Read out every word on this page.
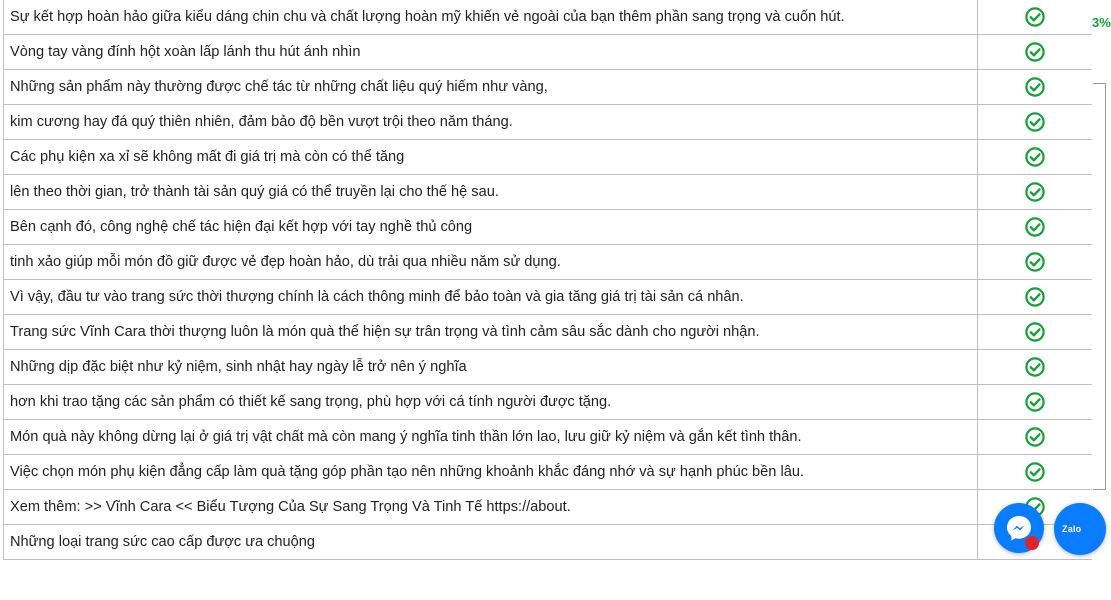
Sự kết hợp hoàn hảo giữa kiểu dáng chin chu và chất lượng hoàn mỹ khiến vẻ ngoài của bạn thêm phần sang trọng và cuốn hút.
Vòng tay vàng đính hột xoàn lấp lánh thu hút ánh nhìn
Những sản phẩm này thường được chế tác từ những chất liệu quý hiếm như vàng,
kim cương hay đá quý thiên nhiên, đảm bảo độ bền vượt trội theo năm tháng.
Các phụ kiện xa xỉ sẽ không mất đi giá trị mà còn có thể tăng
lên theo thời gian, trở thành tài sản quý giá có thể truyền lại cho thế hệ sau.
Bên cạnh đó, công nghệ chế tác hiện đại kết hợp với tay nghề thủ công
tinh xảo giúp mỗi món đồ giữ được vẻ đẹp hoàn hảo, dù trải qua nhiều năm sử dụng.
Vì vậy, đầu tư vào trang sức thời thượng chính là cách thông minh để bảo toàn và gia tăng giá trị tài sản cá nhân.
Trang sức Vĩnh Cara thời thượng luôn là món quà thể hiện sự trân trọng và tình cảm sâu sắc dành cho người nhận.
Những dịp đặc biệt như kỷ niệm, sinh nhật hay ngày lễ trở nên ý nghĩa
hơn khi trao tặng các sản phẩm có thiết kế sang trọng, phù hợp với cá tính người được tặng.
Món quà này không dừng lại ở giá trị vật chất mà còn mang ý nghĩa tinh thần lớn lao, lưu giữ kỷ niệm và gắn kết tình thân.
Việc chọn món phụ kiện đẳng cấp làm quà tặng góp phần tạo nên những khoảnh khắc đáng nhớ và sự hạnh phúc bền lâu.
Xem thêm: >> Vĩnh Cara << Biểu Tượng Của Sự Sang Trọng Và Tinh Tế https://about.
Những loại trang sức cao cấp được ưa chuộng
3%
Zalo
